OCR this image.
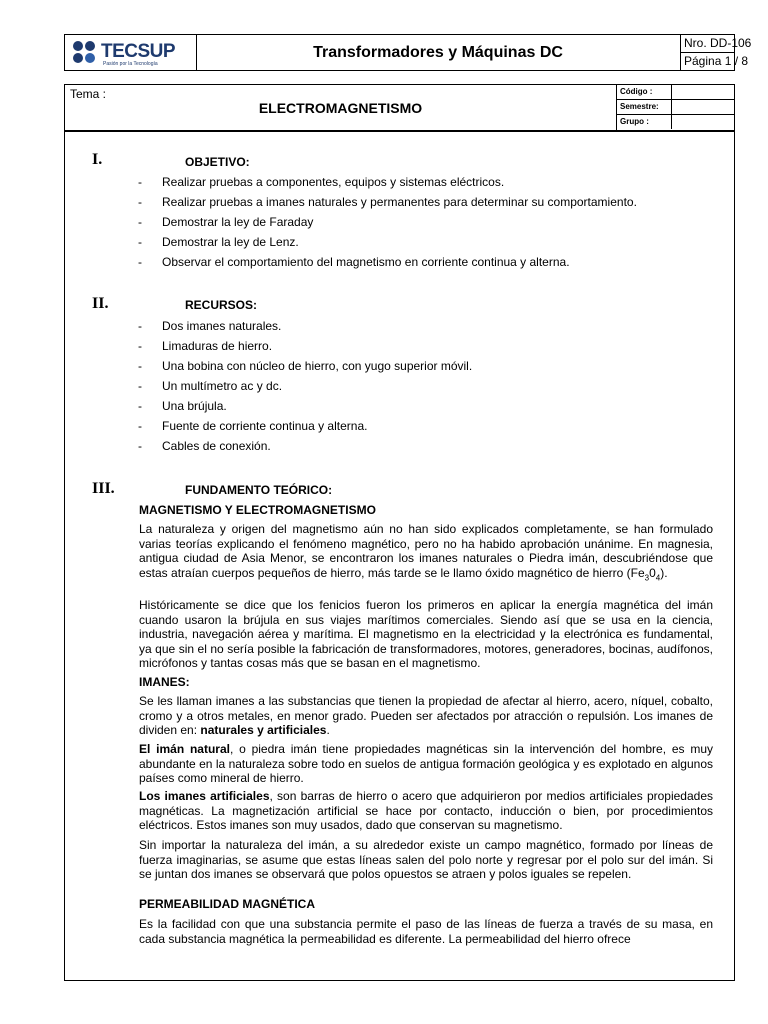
TECSUP
Pasión por la Tecnología
Transformadores y Máquinas DC
Nro. DD-106
Página 1 / 8
Tema :
ELECTROMAGNETISMO
Código :
Semestre:
Grupo :
I.	OBJETIVO:
- Realizar pruebas a componentes, equipos y sistemas eléctricos.
- Realizar pruebas a imanes naturales y permanentes para determinar su comportamiento.
- Demostrar la ley de Faraday
- Demostrar la ley de Lenz.
- Observar el comportamiento del magnetismo en corriente continua y alterna.
II.	RECURSOS:
- Dos imanes naturales.
- Limaduras de hierro.
- Una bobina con núcleo de hierro, con yugo superior móvil.
- Un multímetro ac y dc.
- Una brújula.
- Fuente de corriente continua y alterna.
- Cables de conexión.
III.	FUNDAMENTO TEÓRICO:
MAGNETISMO Y ELECTROMAGNETISMO

La naturaleza y origen del magnetismo aún no han sido explicados completamente, se han formulado varias teorías explicando el fenómeno magnético, pero no ha habido aprobación unánime. En magnesia, antigua ciudad de Asia Menor, se encontraron los imanes naturales o Piedra imán, descubriéndose que estas atraían cuerpos pequeños de hierro, más tarde se le llamo óxido magnético de hierro $(Fe_30_4)$.

Históricamente se dice que los fenicios fueron los primeros en aplicar la energía magnética del imán cuando usaron la brújula en sus viajes marítimos comerciales. Siendo así que se usa en la ciencia, industria, navegación aérea y marítima. El magnetismo en la electricidad y la electrónica es fundamental, ya que sin el no sería posible la fabricación de transformadores, motores, generadores, bocinas, audífonos, micrófonos y tantas cosas más que se basan en el magnetismo.

IMANES:

Se les llaman imanes a las substancias que tienen la propiedad de afectar al hierro, acero, níquel, cobalto, cromo y a otros metales, en menor grado. Pueden ser afectados por atracción o repulsión. Los imanes de dividen en: naturales y artificiales.

El imán natural, o piedra imán tiene propiedades magnéticas sin la intervención del hombre, es muy abundante en la naturaleza sobre todo en suelos de antigua formación geológica y es explotado en algunos países como mineral de hierro.

Los imanes artificiales, son barras de hierro o acero que adquirieron por medios artificiales propiedades magnéticas. La magnetización artificial se hace por contacto, inducción o bien, por procedimientos eléctricos. Estos imanes son muy usados, dado que conservan su magnetismo.

Sin importar la naturaleza del imán, a su alrededor existe un campo magnético, formado por líneas de fuerza imaginarias, se asume que estas líneas salen del polo norte y regresar por el polo sur del imán. Si se juntan dos imanes se observará que polos opuestos se atraen y polos iguales se repelen.

PERMEABILIDAD MAGNÉTICA

Es la facilidad con que una substancia permite el paso de las líneas de fuerza a través de su masa, en cada substancia magnética la permeabilidad es diferente. La permeabilidad del hierro ofrece
